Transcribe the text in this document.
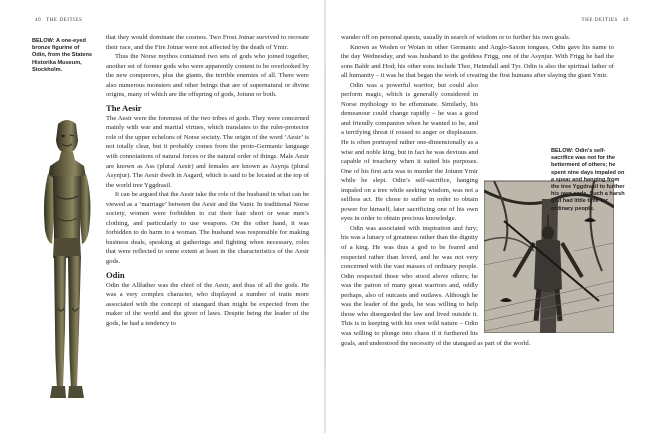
40 THE DEITIES
BELOW: A one-eyed bronze figurine of Odin, from the Statens Historika Museum, Stockholm.

that they would dominate the cosmos. Two Frost Jotnar survived to recreate their race, and the Fire Jotnar were not affected by the death of Ymir.

Thus the Norse mythos contained two sets of gods who joined together, another set of former gods who were apparently content to be overlooked by the new conquerors, plus the giants, the terrible enemies of all. There were also numerous monsters and other beings that are of supernatural or divine origins, many of which are the offspring of gods, Jotunn or both.

The Aesir

The Aesir were the foremost of the two tribes of gods. They were concerned mainly with war and martial virtues, which translates to the ruler-protector role of the upper echelons of Norse society. The origin of the word ‘Aesir’ is not totally clear, but it probably comes from the proto-Germanic language with connotations of natural forces or the natural order of things. Male Aesir are known as Ass (plural Aesir) and females are known as Asynja (plural Asynjur). The Aesir dwelt in Asgard, which is said to be located at the top of the world tree Yggdrasil.

It can be argued that the Aesir take the role of the husband in what can be viewed as a ‘marriage’ between the Aesir and the Vanir. In traditional Norse society, women were forbidden to cut their hair short or wear men’s clothing, and particularly to use weapons. On the other hand, it was forbidden to do harm to a woman. The husband was responsible for making business deals, speaking at gatherings and fighting when necessary, roles that were reflected to some extent at least in the characteristics of the Aesir gods.

Odin

Odin the Allfather was the chief of the Aesir, and thus of all the gods. He was a very complex character, who displayed a number of traits more associated with the concept of utangard than might be expected from the maker of the world and the giver of laws. Despite being the leader of the gods, he had a tendency to

THE DEITIES 49

wander off on personal quests, usually in search of wisdom or to further his own goals.

Known as Woden or Wotan in other Germanic and Anglo-Saxon tongues, Odin gave his name to the day Wednesday, and was husband to the goddess Frigg, one of the Asynjur. With Frigg he had the sons Baldr and Hod; his other sons include Thor, Heimdall and Tyr. Odin is also the spiritual father of all humanity – it was he that began the work of creating the first humans after slaying the giant Ymir.

Odin was a powerful warrior, but could also perform magic, which is generally considered in Norse mythology to be effeminate. Similarly, his demeanour could change rapidly – he was a good and friendly companion when he wanted to be, and a terrifying threat if roused to anger or displeasure. He is often portrayed rather one-dimensionally as a wise and noble king, but in fact he was devious and capable of treachery when it suited his purposes. One of his first acts was to murder the Jotunn Ymir while he slept. Odin’s self-sacrifice, hanging impaled on a tree while seeking wisdom, was not a selfless act. He chose to suffer in order to obtain power for himself, later sacrificing one of his own eyes in order to obtain precious knowledge.

Odin was associated with inspiration and fury; his was a lunacy of greatness rather than the dignity of a king. He was thus a god to be feared and respected rather than loved, and he was not very concerned with the vast masses of ordinary people. Odin respected those who stood above others; he was the patron of many great warriors and, oddly perhaps, also of outcasts and outlaws. Although he was the leader of the gods, he was willing to help those who disregarded the law and lived outside it. This is in keeping with his own wild nature – Odin was willing to plunge into chaos if it furthered his goals, and understood the necessity of the utangard as part of the world.

BELOW: Odin’s self-sacrifice was not for the betterment of others; he spent nine days impaled on a spear and hanging from the tree Yggdrasil to further his own ends. Such a harsh god had little time for ordinary people.
